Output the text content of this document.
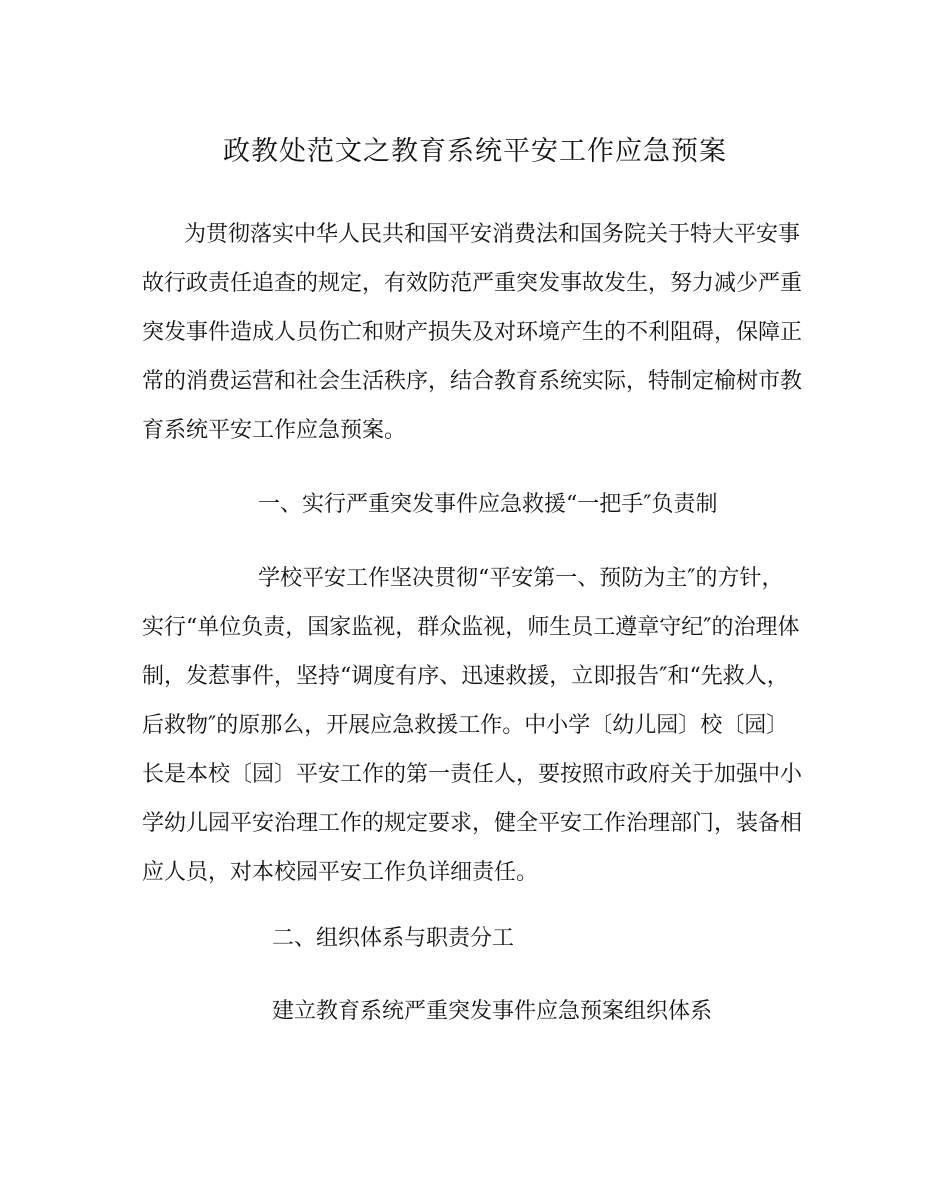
政教处范文之教育系统平安工作应急预案

为贯彻落实中华人民共和国平安消费法和国务院关于特大平安事

故行政责任追查的规定，有效防范严重突发事故发生，努力减少严重

突发事件造成人员伤亡和财产损失及对环境产生的不利阻碍，保障正

常的消费运营和社会生活秩序，结合教育系统实际，特制定榆树市教

育系统平安工作应急预案。

一、实行严重突发事件应急救援“一把手″负责制

学校平安工作坚决贯彻“平安第一、预防为主″的方针，

实行“单位负责，国家监视，群众监视，师生员工遵章守纪″的治理体

制，发惹事件，坚持“调度有序、迅速救援，立即报告″和“先救人，

后救物″的原那么，开展应急救援工作。中小学〔幼儿园〕校〔园〕

长是本校〔园〕平安工作的第一责任人，要按照市政府关于加强中小

学幼儿园平安治理工作的规定要求，健全平安工作治理部门，装备相

应人员，对本校园平安工作负详细责任。

二、组织体系与职责分工

建立教育系统严重突发事件应急预案组织体系
